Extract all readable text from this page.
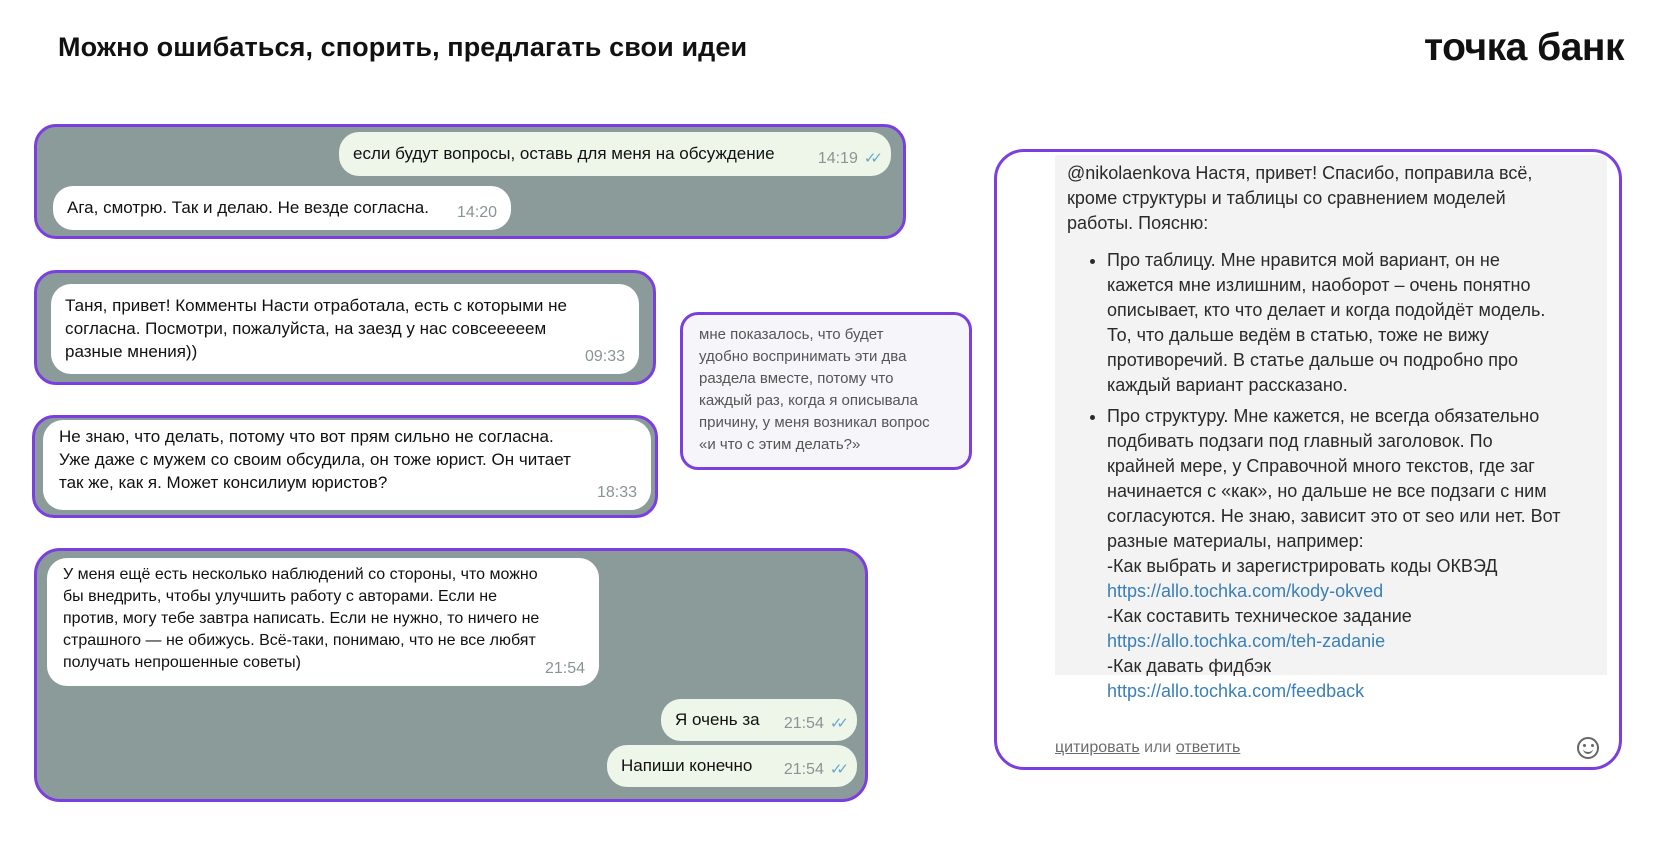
Можно ошибаться, спорить, предлагать свои идеи	точка банк
если будут вопросы, оставь для меня на обсуждение	14:19 ✓✓
Ага, смотрю. Так и делаю. Не везде согласна. 14:20
Таня, привет! Комменты Насти отработала, есть с которыми не
согласна. Посмотри, пожалуйста, на заезд у нас совсееееем
разные мнения))	09:33
Не знаю, что делать, потому что вот прям сильно не согласна.
Уже даже с мужем со своим обсудила, он тоже юрист. Он читает
так же, как я. Может консилиум юристов?
18:33
мне показалось, что будет
удобно воспринимать эти два
раздела вместе, потому что
каждый раз, когда я описывала
причину, у меня возникал вопрос
«и что с этим делать?»
У меня ещё есть несколько наблюдений со стороны, что можно
бы внедрить, чтобы улучшить работу с авторами. Если не
против, могу тебе завтра написать. Если не нужно, то ничего не
страшного — не обижусь. Всё-таки, понимаю, что не все любят
получать непрошенные советы)	21:54
Я очень за 21:54 ✓✓
Напиши конечно 21:54 ✓✓
@nikolaenkova Настя, привет! Спасибо, поправила всё,
кроме структуры и таблицы со сравнением моделей
работы. Поясню:
• Про таблицу. Мне нравится мой вариант, он не
кажется мне излишним, наоборот – очень понятно
описывает, кто что делает и когда подойдёт модель.
То, что дальше ведём в статью, тоже не вижу
противоречий. В статье дальше оч подробно про
каждый вариант рассказано.
• Про структуру. Мне кажется, не всегда обязательно
подбивать подзаги под главный заголовок. По
крайней мере, у Справочной много текстов, где заг
начинается с «как», но дальше не все подзаги с ним
согласуются. Не знаю, зависит это от seo или нет. Вот
разные материалы, например:
-Как выбрать и зарегистрировать коды ОКВЭД
https://allo.tochka.com/kody-okved
-Как составить техническое задание
https://allo.tochka.com/teh-zadanie
-Как давать фидбэк
https://allo.tochka.com/feedback
цитировать или ответить
